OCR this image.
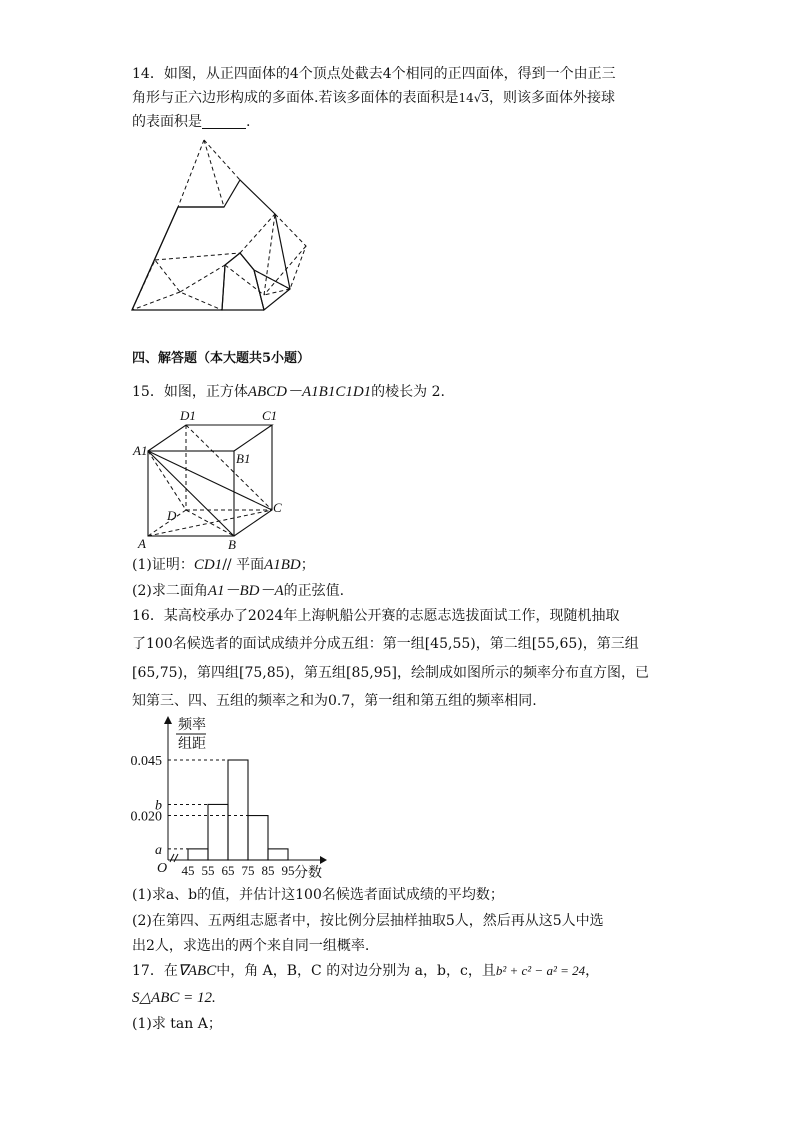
14．如图，从正四面体的4个顶点处截去4个相同的正四面体，得到一个由正三
角形与正六边形构成的多面体.若该多面体的表面积是14√3，则该多面体外接球
的表面积是	.
四、解答题（本大题共5小题）
15．如图，正方体ABCD－A1B1C1D1的棱长为 2.
D1	C1
A1
B1
C
D
A	B
(1)证明：CD1// 平面A1BD；
(2)求二面角A1－BD－A的正弦值.
16．某高校承办了2024年上海帆船公开赛的志愿志选拔面试工作，现随机抽取
了100名候选者的面试成绩并分成五组：第一组[45,55)，第二组[55,65)，第三组
[65,75)，第四组[75,85)，第五组[85,95]，绘制成如图所示的频率分布直方图，已
知第三、四、五组的频率之和为0.7，第一组和第五组的频率相同.
0.045
b
0.020
a
45 55 65 75 85 95
频率
组距
分数
O
(1)求a、b的值，并估计这100名候选者面试成绩的平均数；
(2)在第四、五两组志愿者中，按比例分层抽样抽取5人，然后再从这5人中选
出2人，求选出的两个来自同一组概率.
17．在∇ABC中，角 A，B，C 的对边分别为 a，b，c，且b² + c² − a² = 24，
S△ABC = 12.
(1)求 tan A；
